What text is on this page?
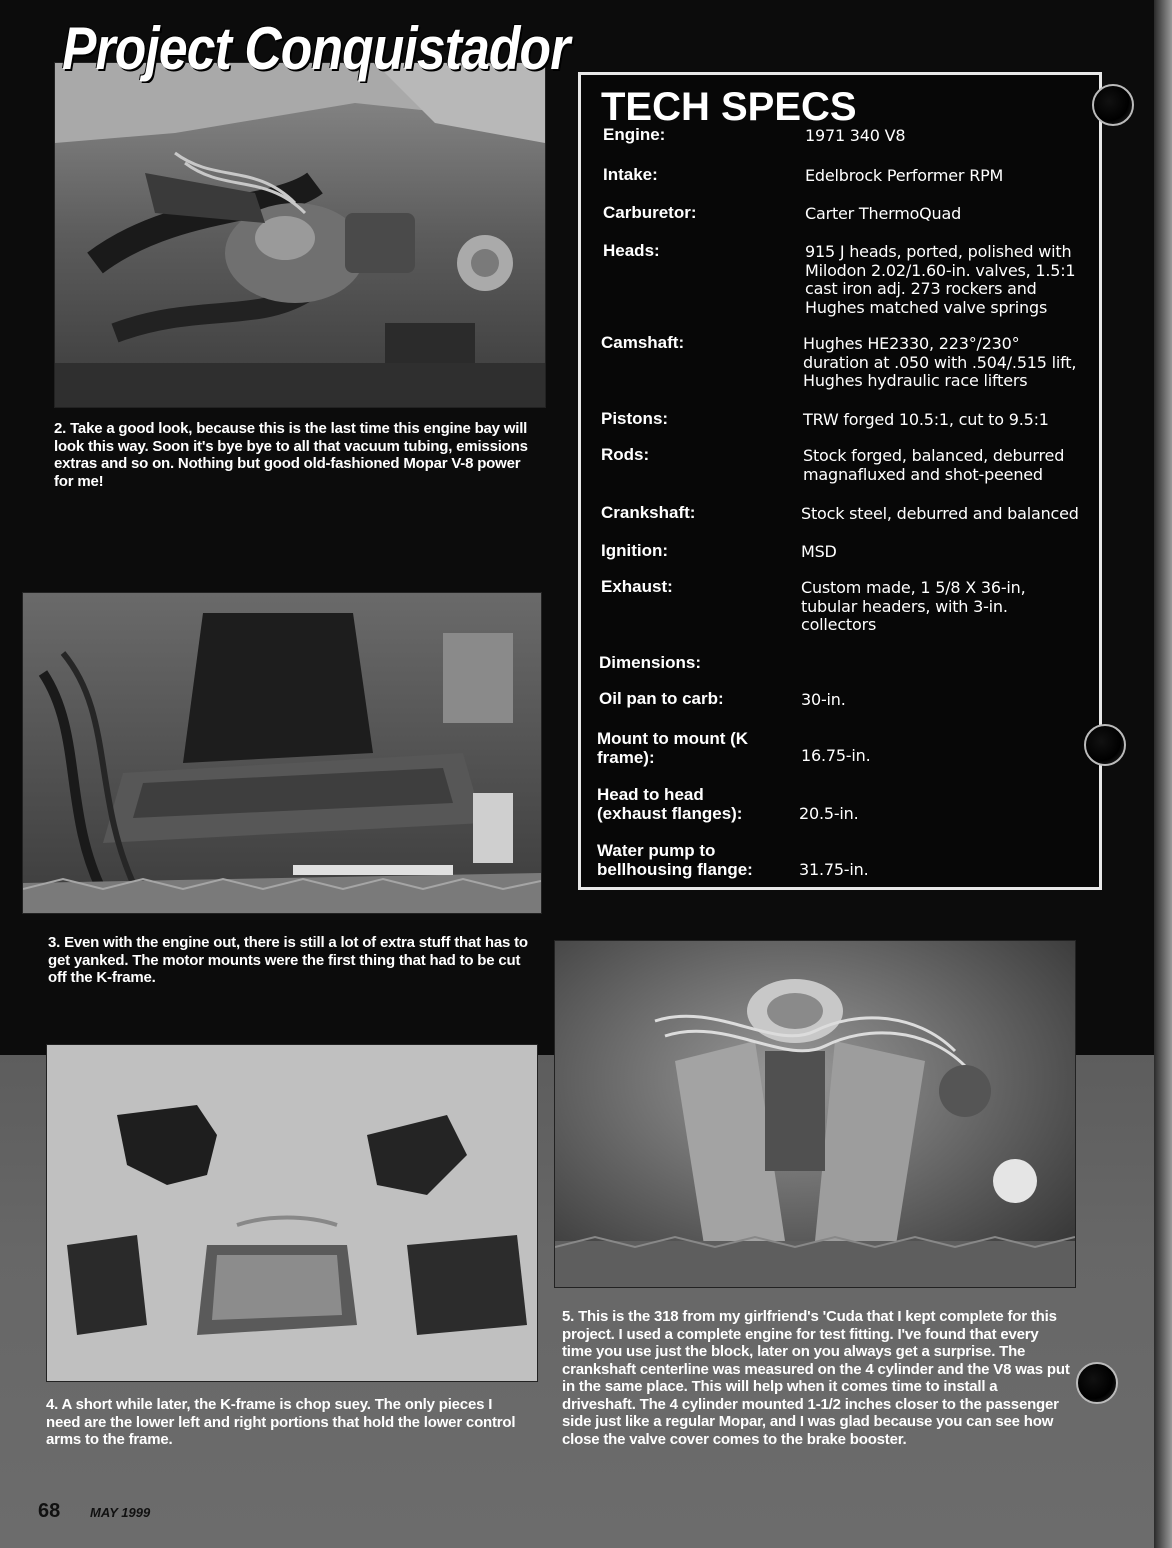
Project Conquistador

2. Take a good look, because this is the last time this engine bay will look this way. Soon it's bye bye to all that vacuum tubing, emissions extras and so on. Nothing but good old-fashioned Mopar V-8 power for me!

3. Even with the engine out, there is still a lot of extra stuff that has to get yanked. The motor mounts were the first thing that had to be cut off the K-frame.

4. A short while later, the K-frame is chop suey. The only pieces I need are the lower left and right portions that hold the lower control arms to the frame.

5. This is the 318 from my girlfriend's 'Cuda that I kept complete for this project. I used a complete engine for test fitting. I've found that every time you use just the block, later on you always get a surprise. The crankshaft centerline was measured on the 4 cylinder and the V8 was put in the same place. This will help when it comes time to install a driveshaft. The 4 cylinder mounted 1-1/2 inches closer to the passenger side just like a regular Mopar, and I was glad because you can see how close the valve cover comes to the brake booster.

TECH SPECS

Engine:	1971 340 V8

Intake:	Edelbrock Performer RPM

Carburetor:	Carter ThermoQuad

Heads:	915 J heads, ported, polished with Milodon 2.02/1.60-in. valves, 1.5:1 cast iron adj. 273 rockers and Hughes matched valve springs

Camshaft:	Hughes HE2330, 223°/230° duration at .050 with .504/.515 lift, Hughes hydraulic race lifters

Pistons:	TRW forged 10.5:1, cut to 9.5:1

Rods:	Stock forged, balanced, deburred magnafluxed and shot-peened

Crankshaft:	Stock steel, deburred and balanced

Ignition:	MSD

Exhaust:	Custom made, 1 5/8 X 36-in, tubular headers, with 3-in. collectors

Dimensions:

Oil pan to carb:	30-in.

Mount to mount (K frame):	16.75-in.

Head to head (exhaust flanges):	20.5-in.

Water pump to bellhousing flange:	31.75-in.

68 MAY 1999
